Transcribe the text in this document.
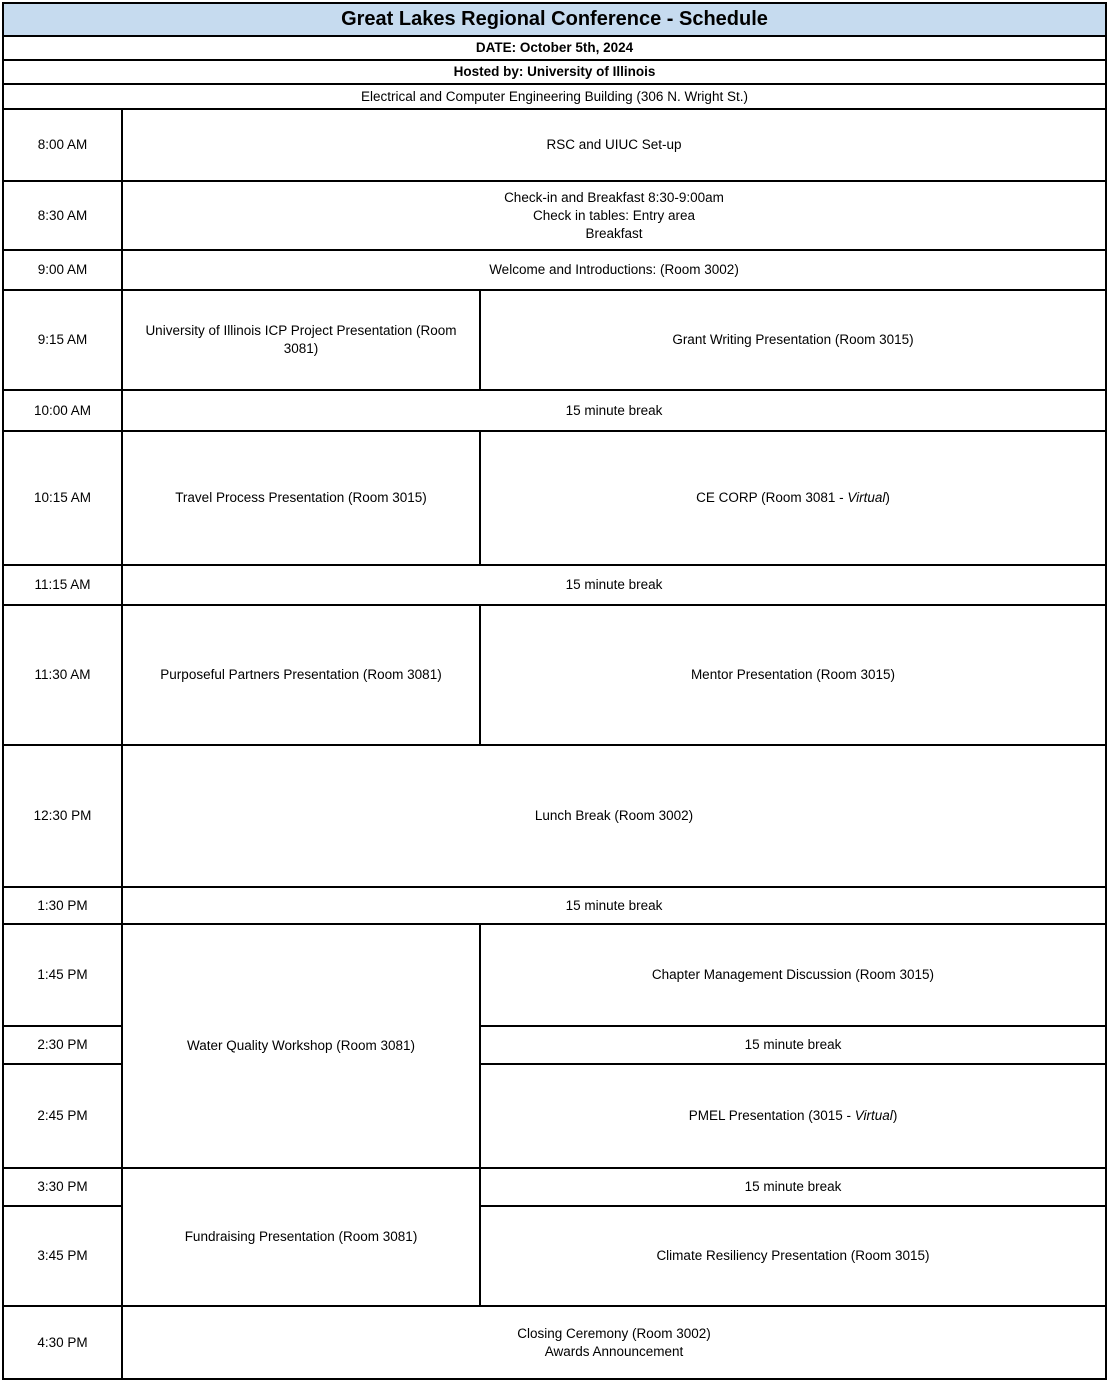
Great Lakes Regional Conference - Schedule		
DATE: October 5th, 2024		
Hosted by: University of Illinois		
Electrical and Computer Engineering Building (306 N. Wright St.)		
8:00 AM	RSC and UIUC Set-up	
8:30 AM	Check-in and Breakfast 8:30-9:00am
Check in tables: Entry area
Breakfast	

9:00 AM	Welcome and Introductions: (Room 3002)	
9:15 AM	University of Illinois ICP Project Presentation (Room 3081)	Grant Writing Presentation (Room 3015)
10:00 AM	15 minute break	
10:15 AM	Travel Process Presentation (Room 3015)	CE CORP (Room 3081 - Virtual)
11:15 AM	15 minute break	
11:30 AM	Purposeful Partners Presentation (Room 3081)	Mentor Presentation (Room 3015)
12:30 PM	Lunch Break (Room 3002)	
1:30 PM	15 minute break	
1:45 PM	Water Quality Workshop (Room 3081)	Chapter Management Discussion (Room 3015)
2:30 PM		15 minute break
2:45 PM		PMEL Presentation (3015 - Virtual)
3:30 PM	Fundraising Presentation (Room 3081)	15 minute break
3:45 PM		Climate Resiliency Presentation (Room 3015)
4:30 PM	Closing Ceremony (Room 3002)
Awards Announcement	
